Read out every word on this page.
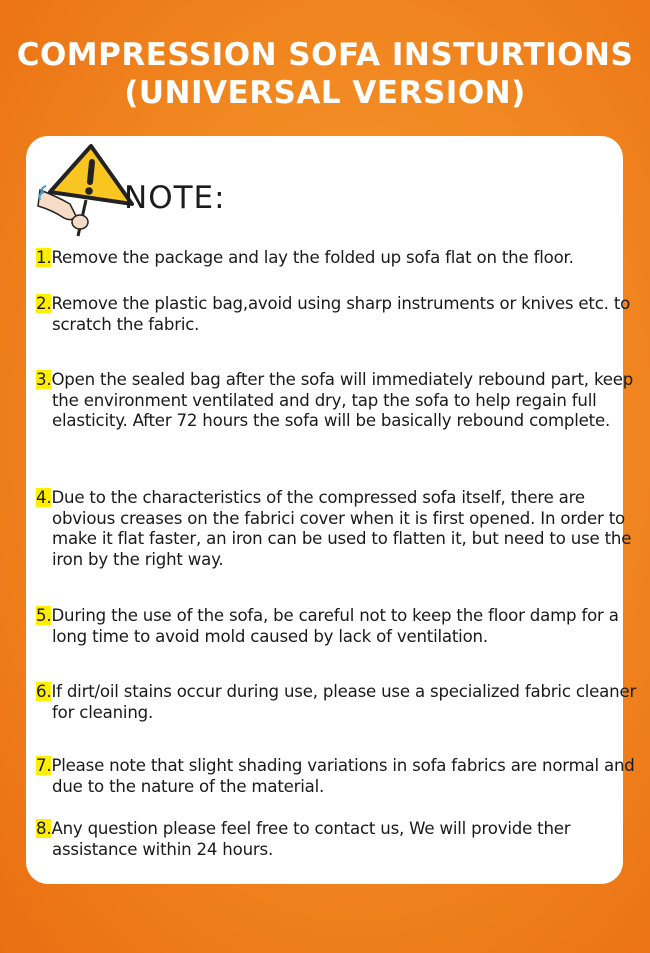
COMPRESSION SOFA INSTURTIONS
(UNIVERSAL VERSION)
NOTE:
1.Remove the package and lay the folded up sofa flat on the floor.
2.Remove the plastic bag,avoid using sharp instruments or knives etc. to scratch the fabric.
3.Open the sealed bag after the sofa will immediately rebound part, keep the environment ventilated and dry, tap the sofa to help regain full elasticity. After 72 hours the sofa will be basically rebound complete.
4.Due to the characteristics of the compressed sofa itself, there are obvious creases on the fabrici cover when it is first opened. In order to make it flat faster, an iron can be used to flatten it, but need to use the iron by the right way.
5.During the use of the sofa, be careful not to keep the floor damp for a long time to avoid mold caused by lack of ventilation.
6.If dirt/oil stains occur during use, please use a specialized fabric cleaner for cleaning.
7.Please note that slight shading variations in sofa fabrics are normal and due to the nature of the material.
8.Any question please feel free to contact us, We will provide ther assistance within 24 hours.
